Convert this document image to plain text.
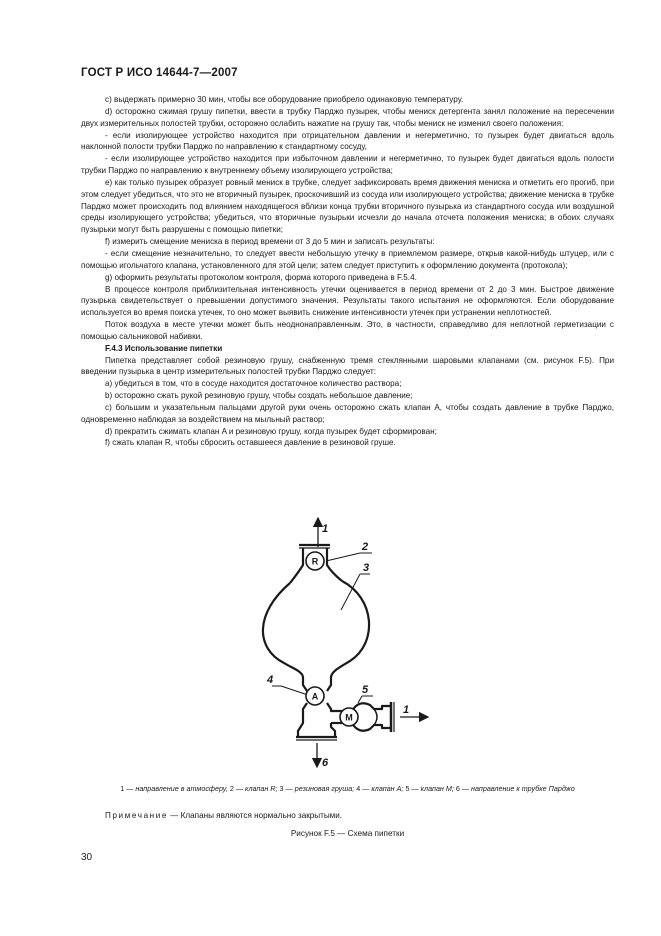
ГОСТ Р ИСО 14644-7—2007

c) выдержать примерно 30 мин, чтобы все оборудование приобрело одинаковую температуру.

d) осторожно сжимая грушу пипетки, ввести в трубку Парджо пузырек, чтобы мениск детергента занял положение на пересечении двух измерительных полостей трубки, осторожно ослабить нажатие на грушу так, чтобы мениск не изменил своего положения:

- если изолирующее устройство находится при отрицательном давлении и негерметично, то пузырек будет двигаться вдоль наклонной полости трубки Парджо по направлению к стандартному сосуду,

- если изолирующее устройство находится при избыточном давлении и негерметично, то пузырек будет двигаться вдоль полости трубки Парджо по направлению к внутреннему объему изолирующего устройства;

e) как только пузырек образует ровный мениск в трубке, следует зафиксировать время движения мениска и отметить его прогиб, при этом следует убедиться, что это не вторичный пузырек, проскочивший из сосуда или изолирующего устройства; движение мениска в трубке Парджо может происходить под влиянием находящегося вблизи конца трубки вторичного пузырька из стандартного сосуда или воздушной среды изолирующего устройства; убедиться, что вторичные пузырьки исчезли до начала отсчета положения мениска; в обоих случаях пузырьки могут быть разрушены с помощью пипетки;

f) измерить смещение мениска в период времени от 3 до 5 мин и записать результаты:

- если смещение незначительно, то следует ввести небольшую утечку в приемлемом размере, открыв какой-нибудь штуцер, или с помощью игольчатого клапана, установленного для этой цели; затем следует приступить к оформлению документа (протокола);

g) оформить результаты протоколом контроля, форма которого приведена в F.5.4.

В процессе контроля приблизительная интенсивность утечки оценивается в период времени от 2 до 3 мин. Быстрое движение пузырька свидетельствует о превышении допустимого значения. Результаты такого испытания не оформляются. Если оборудование используется во время поиска утечек, то оно может выявить снижение интенсивности утечек при устранении неплотностей.

Поток воздуха в месте утечки может быть неоднонаправленным. Это, в частности, справедливо для неплотной герметизации с помощью сальниковой набивки.

F.4.3 Использование пипетки

Пипетка представляет собой резиновую грушу, снабженную тремя стеклянными шаровыми клапанами (см. рисунок F.5). При введении пузырька в центр измерительных полостей трубки Парджо следует:

a) убедиться в том, что в сосуде находится достаточное количество раствора;

b) осторожно сжать рукой резиновую грушу, чтобы создать небольшое давление;

c) большим и указательным пальцами другой руки очень осторожно сжать клапан A, чтобы создать давление в трубке Парджо, одновременно наблюдая за воздействием на мыльный раствор;

d) прекратить сжимать клапан A и резиновую грушу, когда пузырек будет сформирован;

f) сжать клапан R, чтобы сбросить оставшееся давление в резиновой груше.

R
A
M
1
2
3
4
5
1
6
1 — направление в атмосферу, 2 — клапан R; 3 — резиновая груша; 4 — клапан A; 5 — клапан M; 6 — направление к трубке Парджо
Примечание — Клапаны являются нормально закрытыми.
Рисунок F.5 — Схема пипетки
30
